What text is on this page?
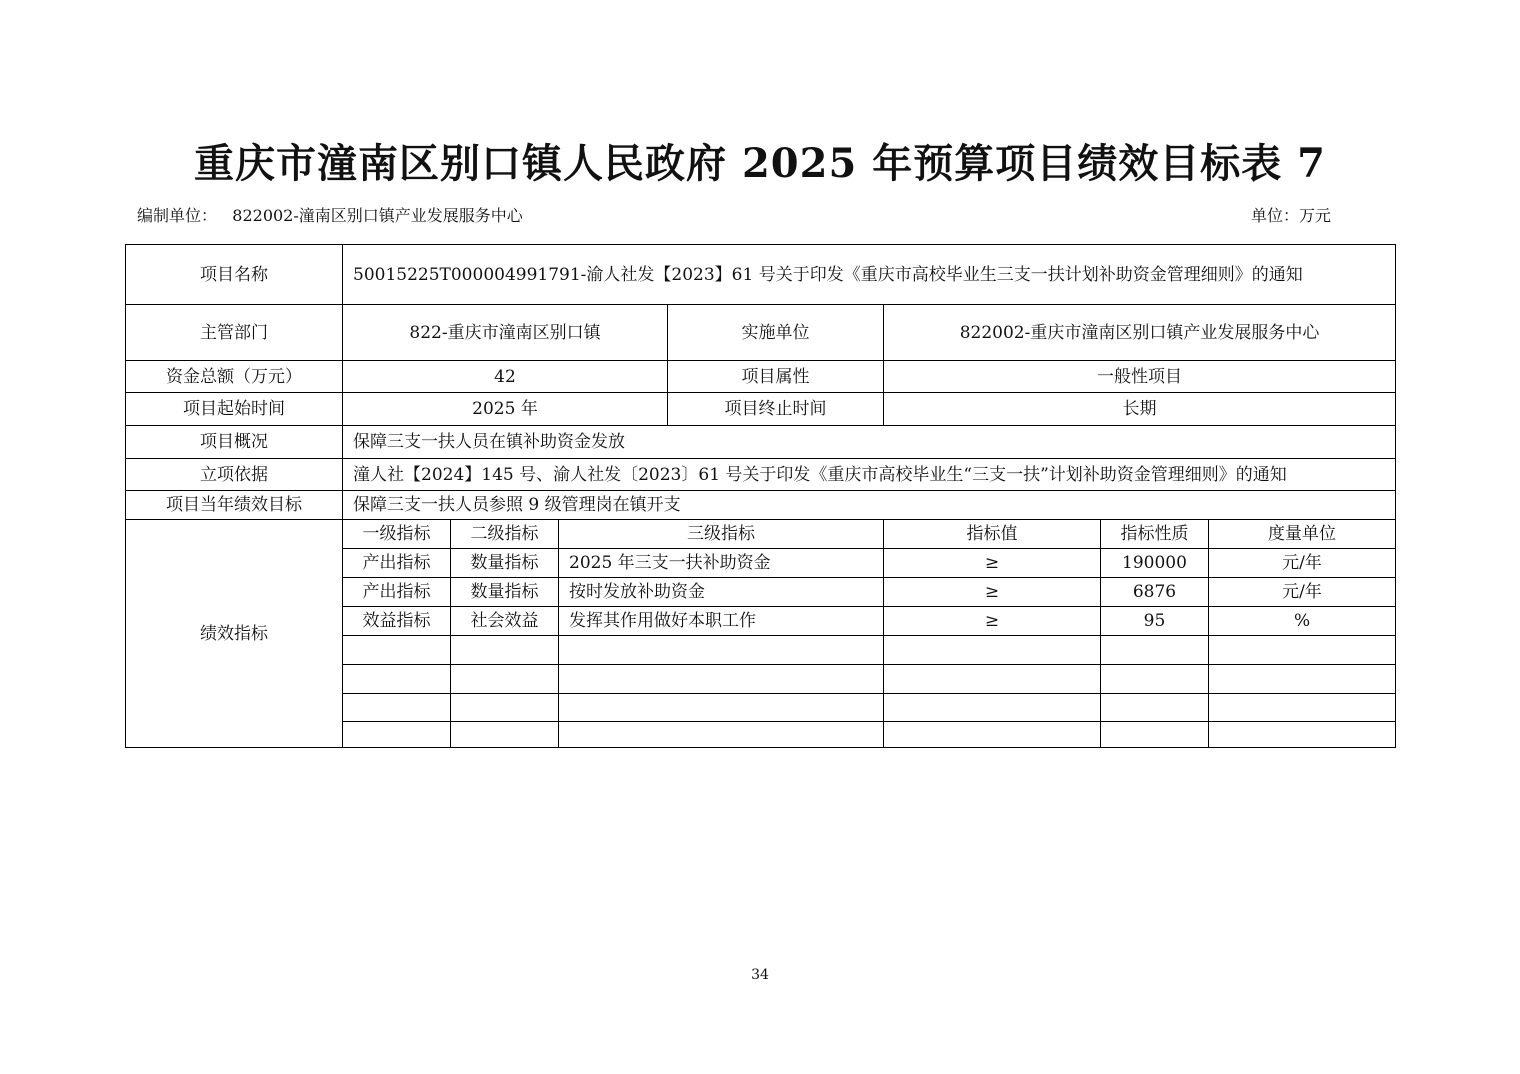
重庆市潼南区别口镇人民政府 2025 年预算项目绩效目标表 7
编制单位： 822002-潼南区别口镇产业发展服务中心	单位：万元
项目名称	50015225T000004991791-渝人社发【2023】61 号关于印发《重庆市高校毕业生三支一扶计划补助资金管理细则》的通知						
主管部门	822-重庆市潼南区别口镇			实施单位	822002-重庆市潼南区别口镇产业发展服务中心		
资金总额（万元）	42			项目属性	一般性项目		
项目起始时间	2025 年			项目终止时间	长期		
项目概况	保障三支一扶人员在镇补助资金发放						
立项依据	潼人社【2024】145 号、渝人社发〔2023〕61 号关于印发《重庆市高校毕业生“三支一扶”计划补助资金管理细则》的通知						
项目当年绩效目标	保障三支一扶人员参照 9 级管理岗在镇开支						
绩效指标	一级指标	二级指标	三级指标		指标值	指标性质	度量单位
	产出指标	数量指标	2025 年三支一扶补助资金		≥	190000	元/年
	产出指标	数量指标	按时发放补助资金		≥	6876	元/年
	效益指标	社会效益	发挥其作用做好本职工作		≥	95	%

34
